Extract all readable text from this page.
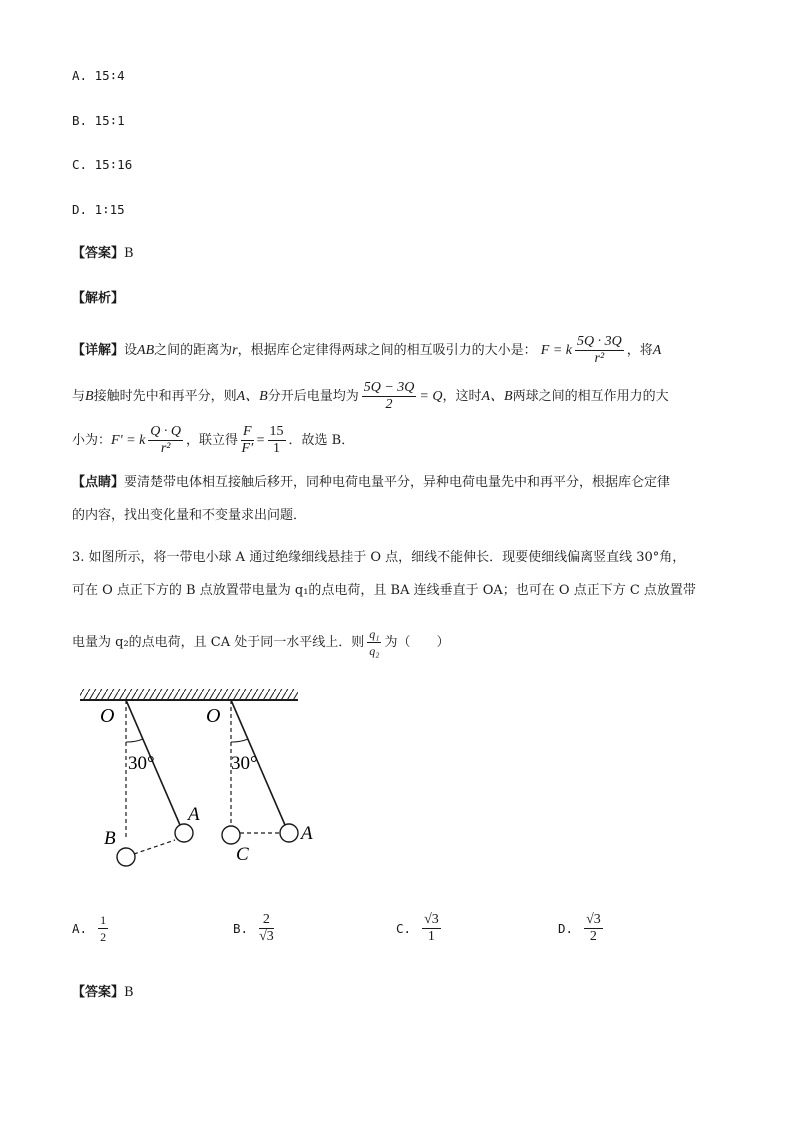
A. 15∶4
B. 15∶1
C. 15∶16
D. 1∶15
【答案】B
【解析】
【详解】设AB之间的距离为r，根据库仑定律得两球之间的相互吸引力的大小是： F = k $\frac{5Q \cdot 3Q}{\text{r²}}$ ，将A
与B接触时先中和再平分，则A、B分开后电量均为 $\frac{5Q - 3Q}{2} = Q$，这时A、B两球之间的相互作用力的大
小为：F′ = k $\frac{Q \cdot Q}{\text{r²}}$ ，联立得 $\frac{F}{F'} = \frac{15}{1}$ ．故选 B．
【点睛】要清楚带电体相互接触后移开，同种电荷电量平分，异种电荷电量先中和再平分，根据库仑定律
的内容，找出变化量和不变量求出问题．
3. 如图所示，将一带电小球 A 通过绝缘细线悬挂于 O 点，细线不能伸长．现要使细线偏离竖直线 30°角，
可在 O 点正下方的 B 点放置带电量为 q₁的点电荷，且 BA 连线垂直于 OA；也可在 O 点正下方 C 点放置带
电量为 q₂的点电荷，且 CA 处于同一水平线上．则 $\frac{\text{q₁}}{\text{q₂}}$ 为（　　）
O
30°
A
B
O
30°
A
C
A. $\frac{1}{2}$	B. $\frac{2}{√3}$	C. $\frac{√3}{1}$	D. $\frac{√3}{2}$
【答案】B
